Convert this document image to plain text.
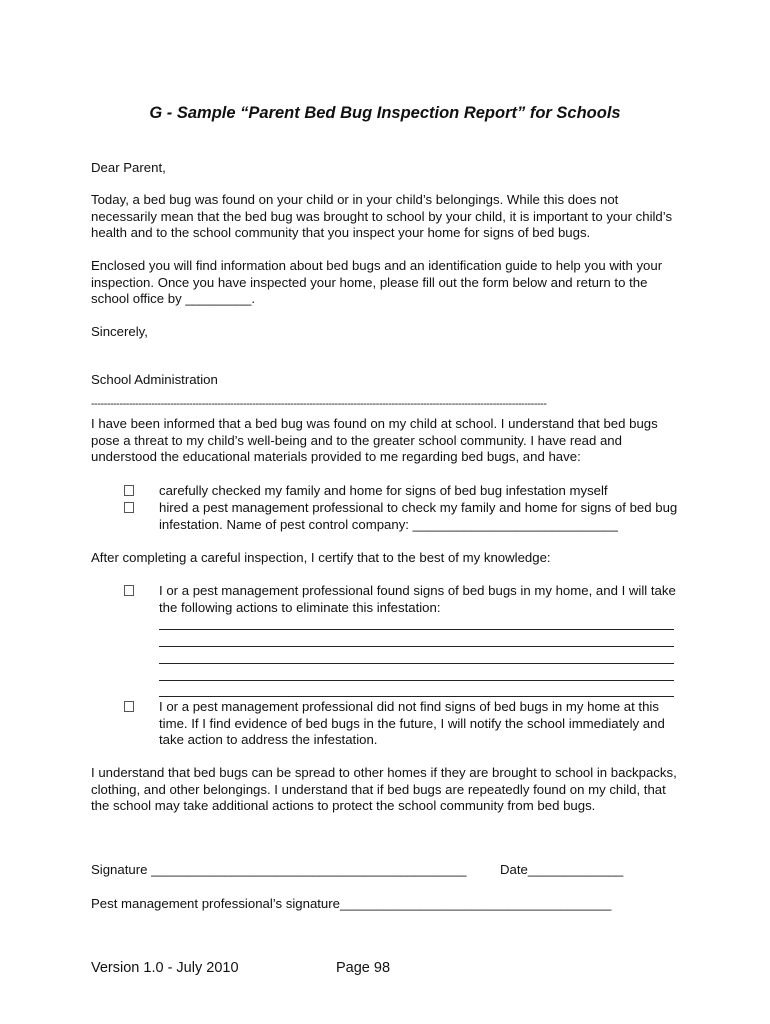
G - Sample “Parent Bed Bug Inspection Report” for Schools

Dear Parent,

Today, a bed bug was found on your child or in your child’s belongings. While this does not necessarily mean that the bed bug was brought to school by your child, it is important to your child’s health and to the school community that you inspect your home for signs of bed bugs.

Enclosed you will find information about bed bugs and an identification guide to help you with your inspection. Once you have inspected your home, please fill out the form below and return to the school office by _________.

Sincerely,

School Administration

------------------------------------------------------------------------------------------------------------------------------------------------

I have been informed that a bed bug was found on my child at school. I understand that bed bugs pose a threat to my child’s well-being and to the greater school community. I have read and understood the educational materials provided to me regarding bed bugs, and have:

carefully checked my family and home for signs of bed bug infestation myself
hired a pest management professional to check my family and home for signs of bed bug infestation. Name of pest control company: ____________________________

After completing a careful inspection, I certify that to the best of my knowledge:

I or a pest management professional found signs of bed bugs in my home, and I will take the following actions to eliminate this infestation:
I or a pest management professional did not find signs of bed bugs in my home at this time. If I find evidence of bed bugs in the future, I will notify the school immediately and take action to address the infestation.

I understand that bed bugs can be spread to other homes if they are brought to school in backpacks, clothing, and other belongings. I understand that if bed bugs are repeatedly found on my child, that the school may take additional actions to protect the school community from bed bugs.

Signature ___________________________________________	Date_____________
Pest management professional’s signature_____________________________________
Version 1.0 - July 2010	Page 98
